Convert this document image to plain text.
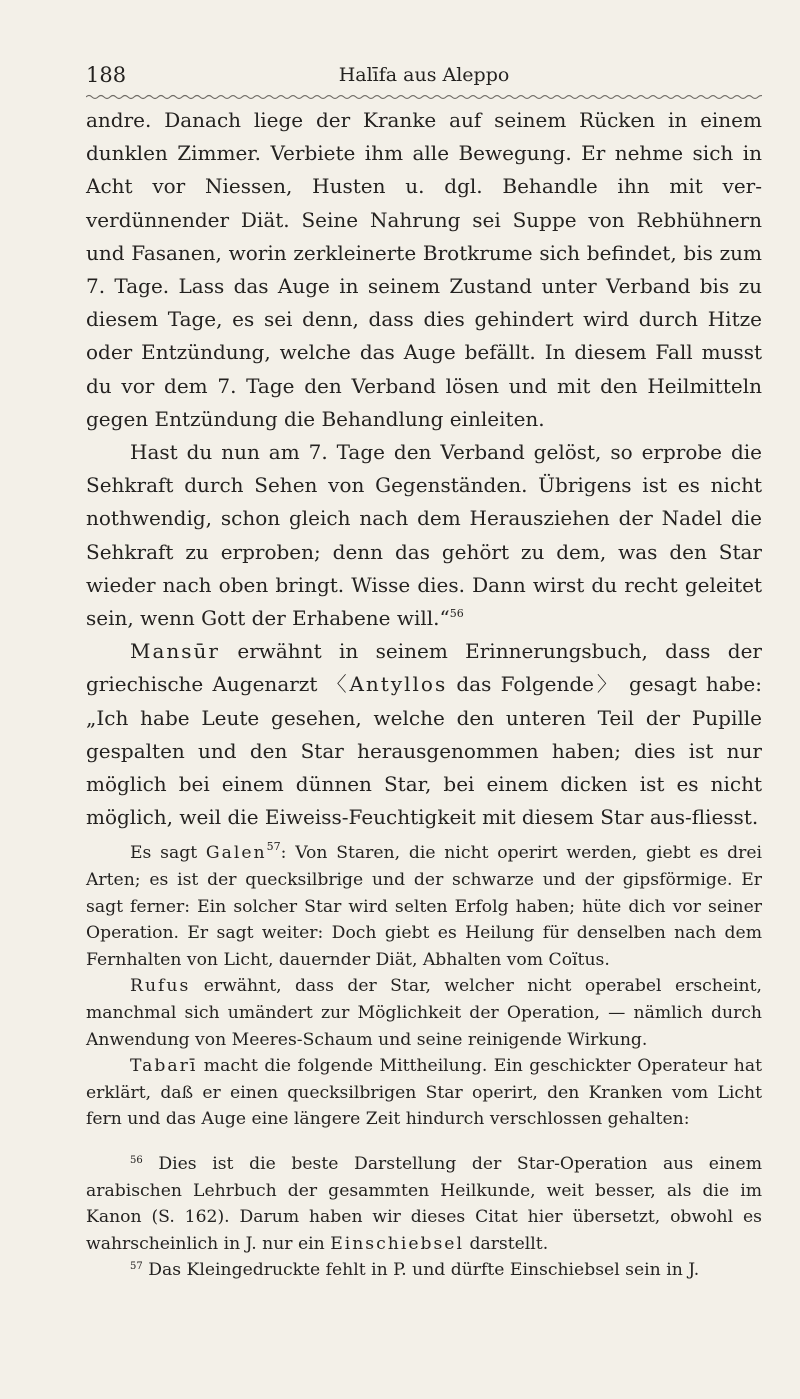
188	Halīfa aus Aleppo

andre. Danach liege der Kranke auf seinem Rücken in einem dunklen Zimmer. Verbiete ihm alle Bewegung. Er nehme sich in Acht vor Niessen, Husten u. dgl. Behandle ihn mit ver-verdünnender Diät. Seine Nahrung sei Suppe von Rebhühnern und Fasanen, worin zerkleinerte Brotkrume sich befindet, bis zum 7. Tage. Lass das Auge in seinem Zustand unter Verband bis zu diesem Tage, es sei denn, dass dies gehindert wird durch Hitze oder Entzündung, welche das Auge befällt. In diesem Fall musst du vor dem 7. Tage den Verband lösen und mit den Heilmitteln gegen Entzündung die Behandlung einleiten.

Hast du nun am 7. Tage den Verband gelöst, so erprobe die Sehkraft durch Sehen von Gegenständen. Übrigens ist es nicht nothwendig, schon gleich nach dem Herausziehen der Nadel die Sehkraft zu erproben; denn das gehört zu dem, was den Star wieder nach oben bringt. Wisse dies. Dann wirst du recht geleitet sein, wenn Gott der Erhabene will.“$^{56}$

Mansūr erwähnt in seinem Erinnerungsbuch, dass der griechische Augenarzt 〈Antyllos das Folgende〉 gesagt habe: „Ich habe Leute gesehen, welche den unteren Teil der Pupille gespalten und den Star herausgenommen haben; dies ist nur möglich bei einem dünnen Star, bei einem dicken ist es nicht möglich, weil die Eiweiss-Feuchtigkeit mit diesem Star aus-fliesst.

Es sagt Galen$^{57}$: Von Staren, die nicht operirt werden, giebt es drei Arten; es ist der quecksilbrige und der schwarze und der gipsförmige. Er sagt ferner: Ein solcher Star wird selten Erfolg haben; hüte dich vor seiner Operation. Er sagt weiter: Doch giebt es Heilung für denselben nach dem Fernhalten von Licht, dauernder Diät, Abhalten vom Coïtus.

Rufus erwähnt, dass der Star, welcher nicht operabel erscheint, manchmal sich umändert zur Möglichkeit der Operation, — nämlich durch Anwendung von Meeres-Schaum und seine reinigende Wirkung.

Tabarī macht die folgende Mittheilung. Ein geschickter Operateur hat erklärt, daß er einen quecksilbrigen Star operirt, den Kranken vom Licht fern und das Auge eine längere Zeit hindurch verschlossen gehalten:

$^{56}$ Dies ist die beste Darstellung der Star-Operation aus einem arabischen Lehrbuch der gesammten Heilkunde, weit besser, als die im Kanon (S. 162). Darum haben wir dieses Citat hier übersetzt, obwohl es wahrscheinlich in J. nur ein Einschiebsel darstellt.

$^{57}$ Das Kleingedruckte fehlt in P. und dürfte Einschiebsel sein in J.
